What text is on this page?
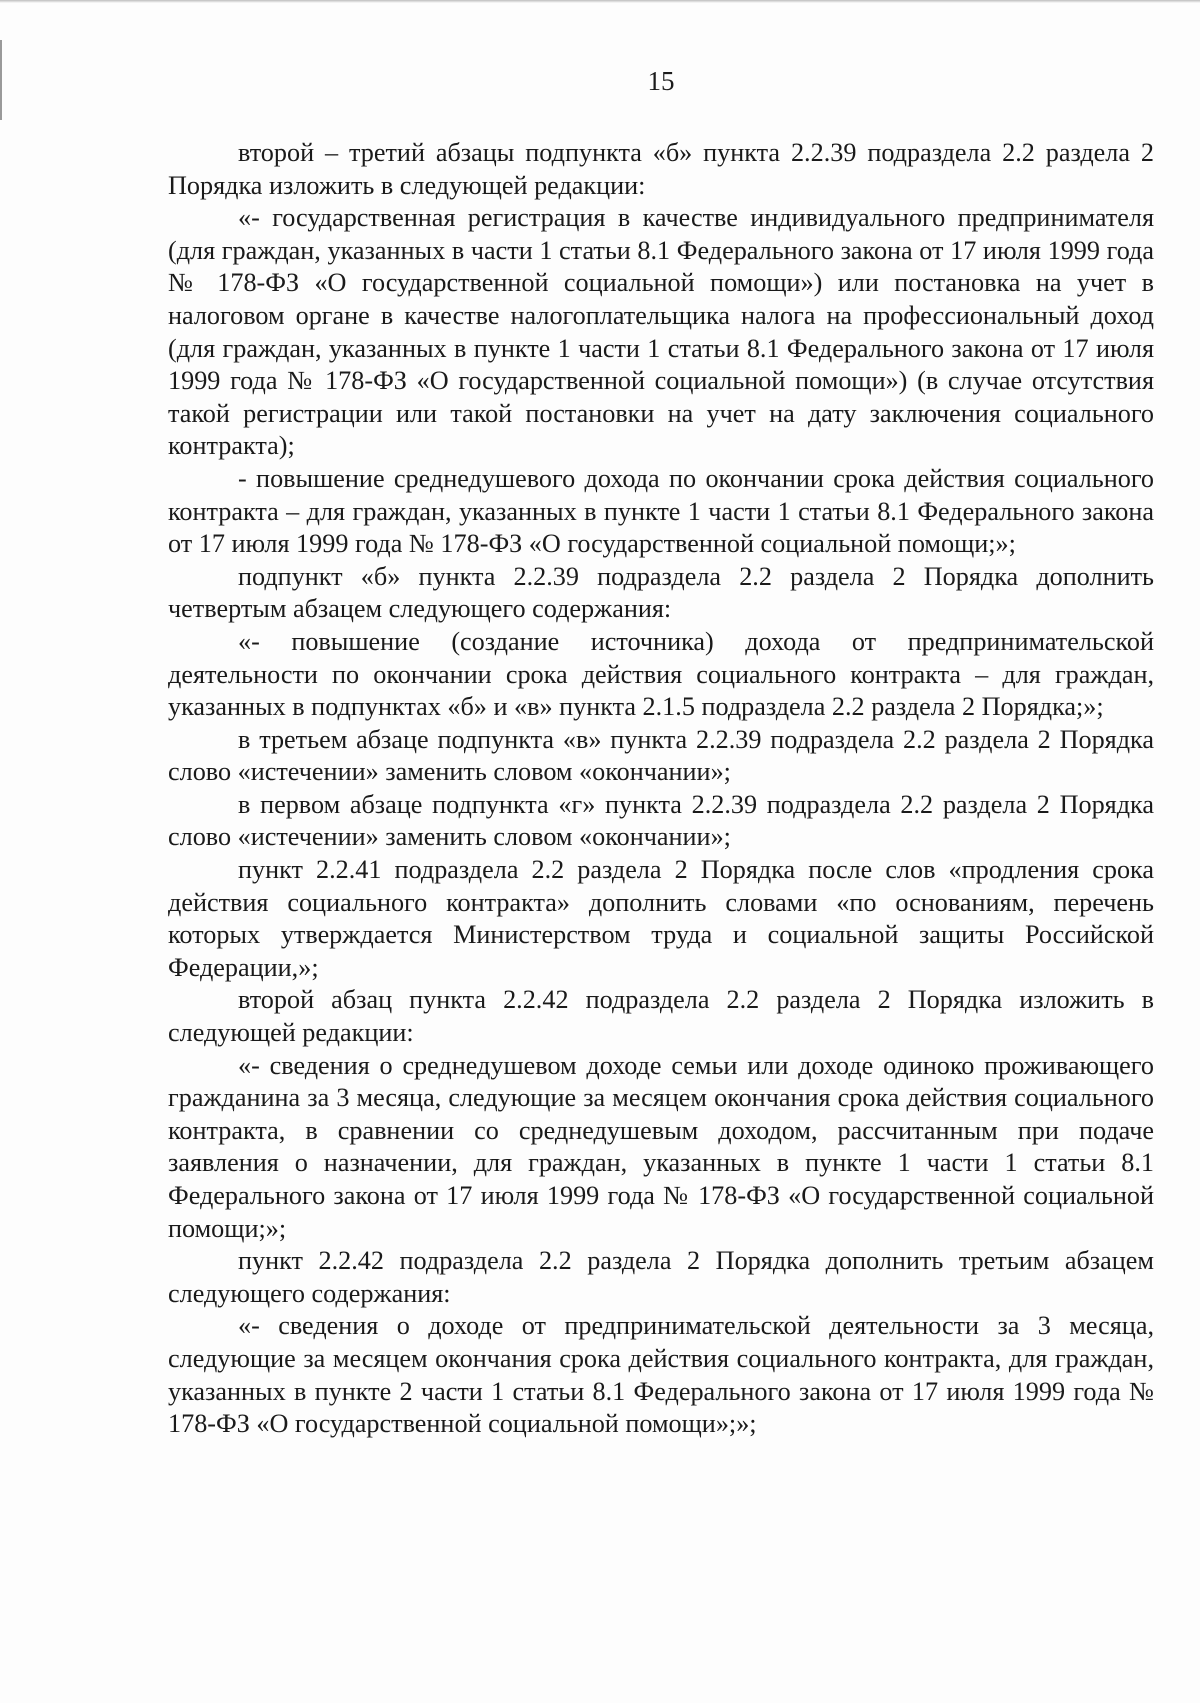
15

второй – третий абзацы подпункта «б» пункта 2.2.39 подраздела 2.2 раздела 2 Порядка изложить в следующей редакции:

«- государственная регистрация в качестве индивидуального предпринимателя (для граждан, указанных в части 1 статьи 8.1 Федерального закона от 17 июля 1999 года № 178-ФЗ «О государственной социальной помощи») или постановка на учет в налоговом органе в качестве налогоплательщика налога на профессиональный доход (для граждан, указанных в пункте 1 части 1 статьи 8.1 Федерального закона от 17 июля 1999 года № 178-ФЗ «О государственной социальной помощи») (в случае отсутствия такой регистрации или такой постановки на учет на дату заключения социального контракта);

- повышение среднедушевого дохода по окончании срока действия социального контракта – для граждан, указанных в пункте 1 части 1 статьи 8.1 Федерального закона от 17 июля 1999 года № 178-ФЗ «О государственной социальной помощи;»;

подпункт «б» пункта 2.2.39 подраздела 2.2 раздела 2 Порядка дополнить четвертым абзацем следующего содержания:

«- повышение (создание источника) дохода от предпринимательской деятельности по окончании срока действия социального контракта – для граждан, указанных в подпунктах «б» и «в» пункта 2.1.5 подраздела 2.2 раздела 2 Порядка;»;

в третьем абзаце подпункта «в» пункта 2.2.39 подраздела 2.2 раздела 2 Порядка слово «истечении» заменить словом «окончании»;

в первом абзаце подпункта «г» пункта 2.2.39 подраздела 2.2 раздела 2 Порядка слово «истечении» заменить словом «окончании»;

пункт 2.2.41 подраздела 2.2 раздела 2 Порядка после слов «продления срока действия социального контракта» дополнить словами «по основаниям, перечень которых утверждается Министерством труда и социальной защиты Российской Федерации,»;

второй абзац пункта 2.2.42 подраздела 2.2 раздела 2 Порядка изложить в следующей редакции:

«- сведения о среднедушевом доходе семьи или доходе одиноко проживающего гражданина за 3 месяца, следующие за месяцем окончания срока действия социального контракта, в сравнении со среднедушевым доходом, рассчитанным при подаче заявления о назначении, для граждан, указанных в пункте 1 части 1 статьи 8.1 Федерального закона от 17 июля 1999 года № 178-ФЗ «О государственной социальной помощи;»;

пункт 2.2.42 подраздела 2.2 раздела 2 Порядка дополнить третьим абзацем следующего содержания:

«- сведения о доходе от предпринимательской деятельности за 3 месяца, следующие за месяцем окончания срока действия социального контракта, для граждан, указанных в пункте 2 части 1 статьи 8.1 Федерального закона от 17 июля 1999 года № 178-ФЗ «О государственной социальной помощи»;»;
